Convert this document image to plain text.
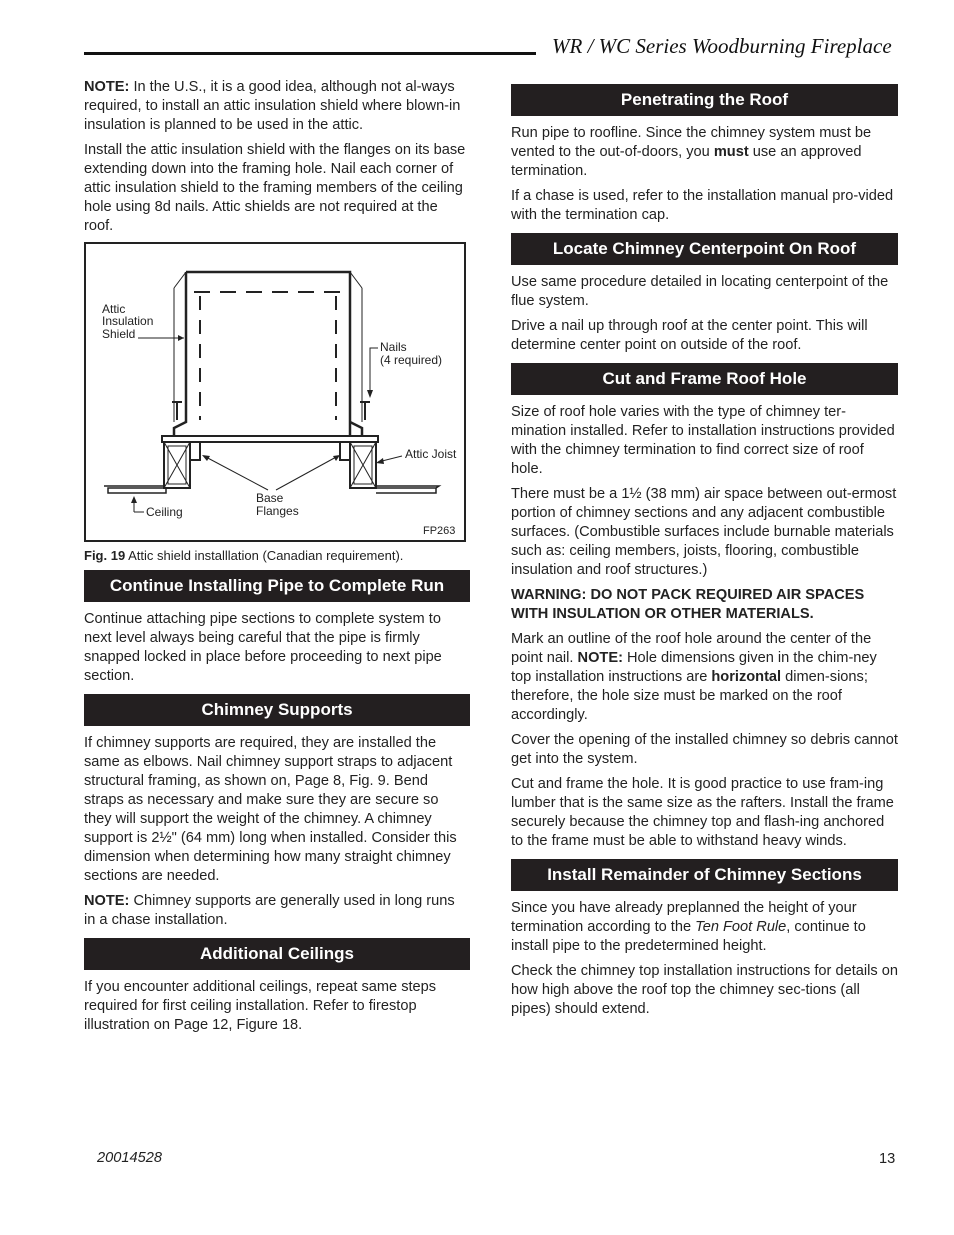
WR / WC Series Woodburning Fireplace

NOTE: In the U.S., it is a good idea, although not al-ways required, to install an attic insulation shield where blown-in insulation is planned to be used in the attic.

Install the attic insulation shield with the flanges on its base extending down into the framing hole. Nail each corner of attic insulation shield to the framing members of the ceiling hole using 8d nails. Attic shields are not required at the roof.

Attic
Insulation
Shield
Nails
(4 required)
Attic Joist
Base
Flanges
Ceiling
FP263
Fig. 19 Attic shield installlation (Canadian requirement).
Continue Installing Pipe to Complete Run

Continue attaching pipe sections to complete system to next level always being careful that the pipe is firmly snapped locked in place before proceeding to next pipe section.

Chimney Supports

If chimney supports are required, they are installed the same as elbows. Nail chimney support straps to adjacent structural framing, as shown on, Page 8, Fig. 9. Bend straps as necessary and make sure they are secure so they will support the weight of the chimney. A chimney support is 2½" (64 mm) long when installed. Consider this dimension when determining how many straight chimney sections are needed.

NOTE: Chimney supports are generally used in long runs in a chase installation.

Additional Ceilings

If you encounter additional ceilings, repeat same steps required for first ceiling installation. Refer to firestop illustration on Page 12, Figure 18.

Penetrating the Roof

Run pipe to roofline. Since the chimney system must be vented to the out-of-doors, you must use an approved termination.

If a chase is used, refer to the installation manual pro-vided with the termination cap.

Locate Chimney Centerpoint On Roof

Use same procedure detailed in locating centerpoint of the flue system.

Drive a nail up through roof at the center point. This will determine center point on outside of the roof.

Cut and Frame Roof Hole

Size of roof hole varies with the type of chimney ter-mination installed. Refer to installation instructions provided with the chimney termination to find correct size of roof hole.

There must be a 1½ (38 mm) air space between out-ermost portion of chimney sections and any adjacent combustible surfaces. (Combustible surfaces include burnable materials such as: ceiling members, joists, flooring, combustible insulation and roof structures.)

WARNING: DO NOT PACK REQUIRED AIR SPACES WITH INSULATION OR OTHER MATERIALS.

Mark an outline of the roof hole around the center of the point nail. NOTE: Hole dimensions given in the chim-ney top installation instructions are horizontal dimen-sions; therefore, the hole size must be marked on the roof accordingly.

Cover the opening of the installed chimney so debris cannot get into the system.

Cut and frame the hole. It is good practice to use fram-ing lumber that is the same size as the rafters. Install the frame securely because the chimney top and flash-ing anchored to the frame must be able to withstand heavy winds.

Install Remainder of Chimney Sections

Since you have already preplanned the height of your termination according to the Ten Foot Rule, continue to install pipe to the predetermined height.

Check the chimney top installation instructions for details on how high above the roof top the chimney sec-tions (all pipes) should extend.

20014528	13
